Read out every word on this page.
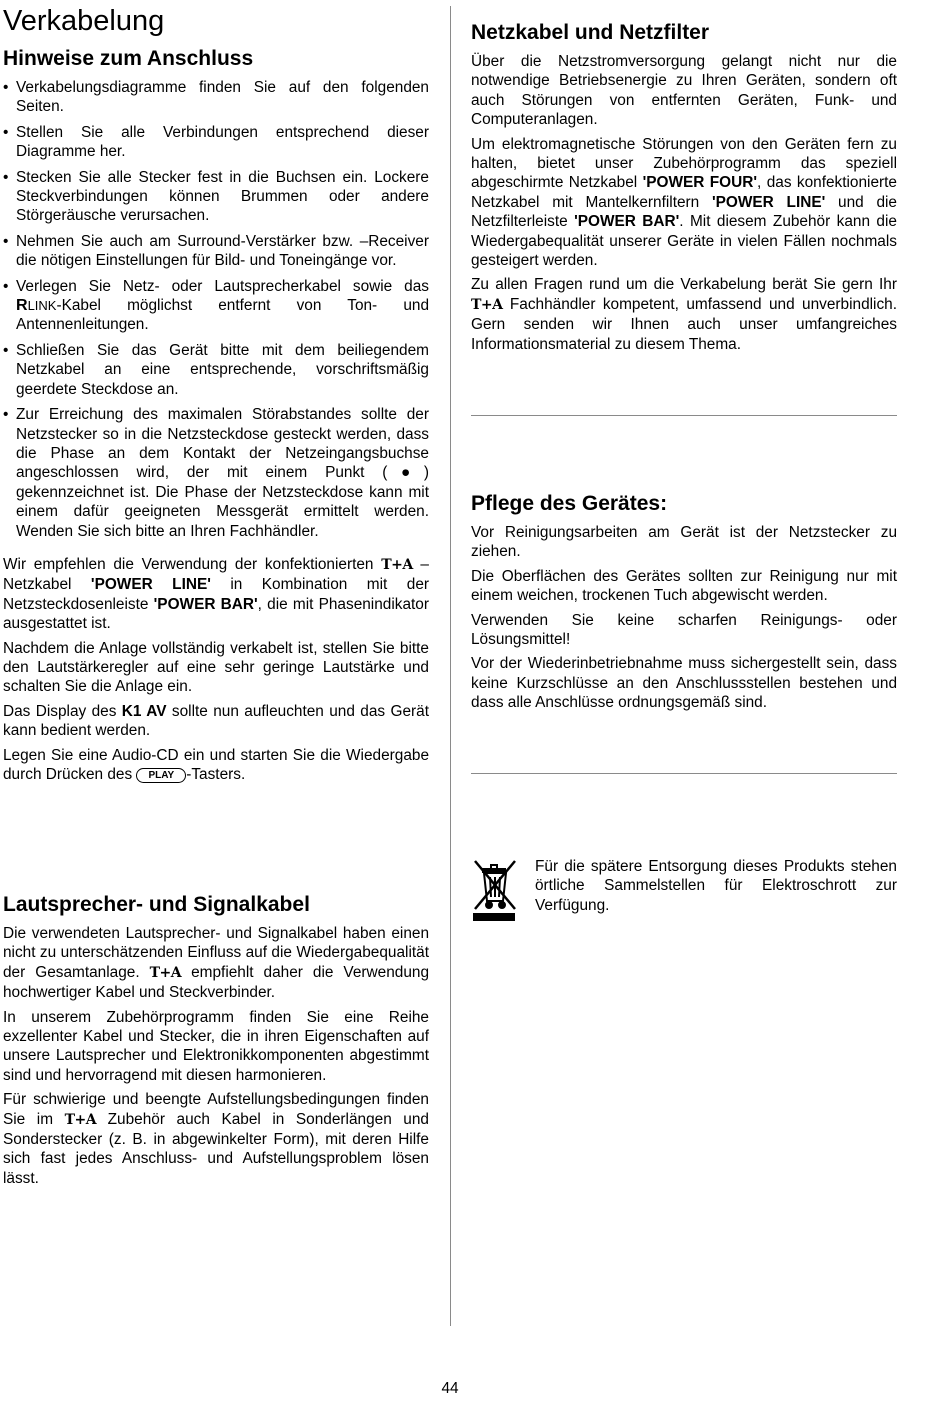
Verkabelung
Hinweise zum Anschluss
• Verkabelungsdiagramme finden Sie auf den folgenden Seiten.
• Stellen Sie alle Verbindungen entsprechend dieser Diagramme her.
• Stecken Sie alle Stecker fest in die Buchsen ein. Lockere Steckverbindungen können Brummen oder andere Störgeräusche verursachen.
• Nehmen Sie auch am Surround-Verstärker bzw. –Receiver die nötigen Einstellungen für Bild- und Toneingänge vor.
• Verlegen Sie Netz- oder Lautsprecherkabel sowie das RLINK-Kabel möglichst entfernt von Ton- und Antennenleitungen.
• Schließen Sie das Gerät bitte mit dem beiliegendem Netzkabel an eine entsprechende, vorschriftsmäßig geerdete Steckdose an.
• Zur Erreichung des maximalen Störabstandes sollte der Netzstecker so in die Netzsteckdose gesteckt werden, dass die Phase an dem Kontakt der Netzeingangsbuchse angeschlossen wird, der mit einem Punkt (●) gekennzeichnet ist. Die Phase der Netzsteckdose kann mit einem dafür geeigneten Messgerät ermittelt werden. Wenden Sie sich bitte an Ihren Fachhändler.

Wir empfehlen die Verwendung der konfektionierten T+A –Netzkabel 'POWER LINE' in Kombination mit der Netzsteckdosenleiste 'POWER BAR', die mit Phasenindikator ausgestattet ist.

Nachdem die Anlage vollständig verkabelt ist, stellen Sie bitte den Lautstärkeregler auf eine sehr geringe Lautstärke und schalten Sie die Anlage ein.

Das Display des K1 AV sollte nun aufleuchten und das Gerät kann bedient werden.

Legen Sie eine Audio-CD ein und starten Sie die Wiedergabe durch Drücken des PLAY -Tasters.

Lautsprecher- und Signalkabel

Die verwendeten Lautsprecher- und Signalkabel haben einen nicht zu unterschätzenden Einfluss auf die Wiedergabequalität der Gesamtanlage. T+A empfiehlt daher die Verwendung hochwertiger Kabel und Steckverbinder.

In unserem Zubehörprogramm finden Sie eine Reihe exzellenter Kabel und Stecker, die in ihren Eigenschaften auf unsere Lautsprecher und Elektronikkomponenten abgestimmt sind und hervorragend mit diesen harmonieren.

Für schwierige und beengte Aufstellungsbedingungen finden Sie im T+A Zubehör auch Kabel in Sonderlängen und Sonderstecker (z. B. in abgewinkelter Form), mit deren Hilfe sich fast jedes Anschluss- und Aufstellungsproblem lösen lässt.

Netzkabel und Netzfilter

Über die Netzstromversorgung gelangt nicht nur die notwendige Betriebsenergie zu Ihren Geräten, sondern oft auch Störungen von entfernten Geräten, Funk- und Computeranlagen.

Um elektromagnetische Störungen von den Geräten fern zu halten, bietet unser Zubehörprogramm das speziell abgeschirmte Netzkabel 'POWER FOUR', das konfektionierte Netzkabel mit Mantelkernfiltern 'POWER LINE' und die Netzfilterleiste 'POWER BAR'. Mit diesem Zubehör kann die Wiedergabequalität unserer Geräte in vielen Fällen nochmals gesteigert werden.

Zu allen Fragen rund um die Verkabelung berät Sie gern Ihr T+A Fachhändler kompetent, umfassend und unverbindlich. Gern senden wir Ihnen auch unser umfangreiches Informationsmaterial zu diesem Thema.

Pflege des Gerätes:

Vor Reinigungsarbeiten am Gerät ist der Netzstecker zu ziehen.

Die Oberflächen des Gerätes sollten zur Reinigung nur mit einem weichen, trockenen Tuch abgewischt werden.

Verwenden Sie keine scharfen Reinigungs- oder Lösungsmittel!

Vor der Wiederinbetriebnahme muss sichergestellt sein, dass keine Kurzschlüsse an den Anschlussstellen bestehen und dass alle Anschlüsse ordnungsgemäß sind.

Für die spätere Entsorgung dieses Produkts stehen örtliche Sammelstellen für Elektroschrott zur Verfügung.

44
